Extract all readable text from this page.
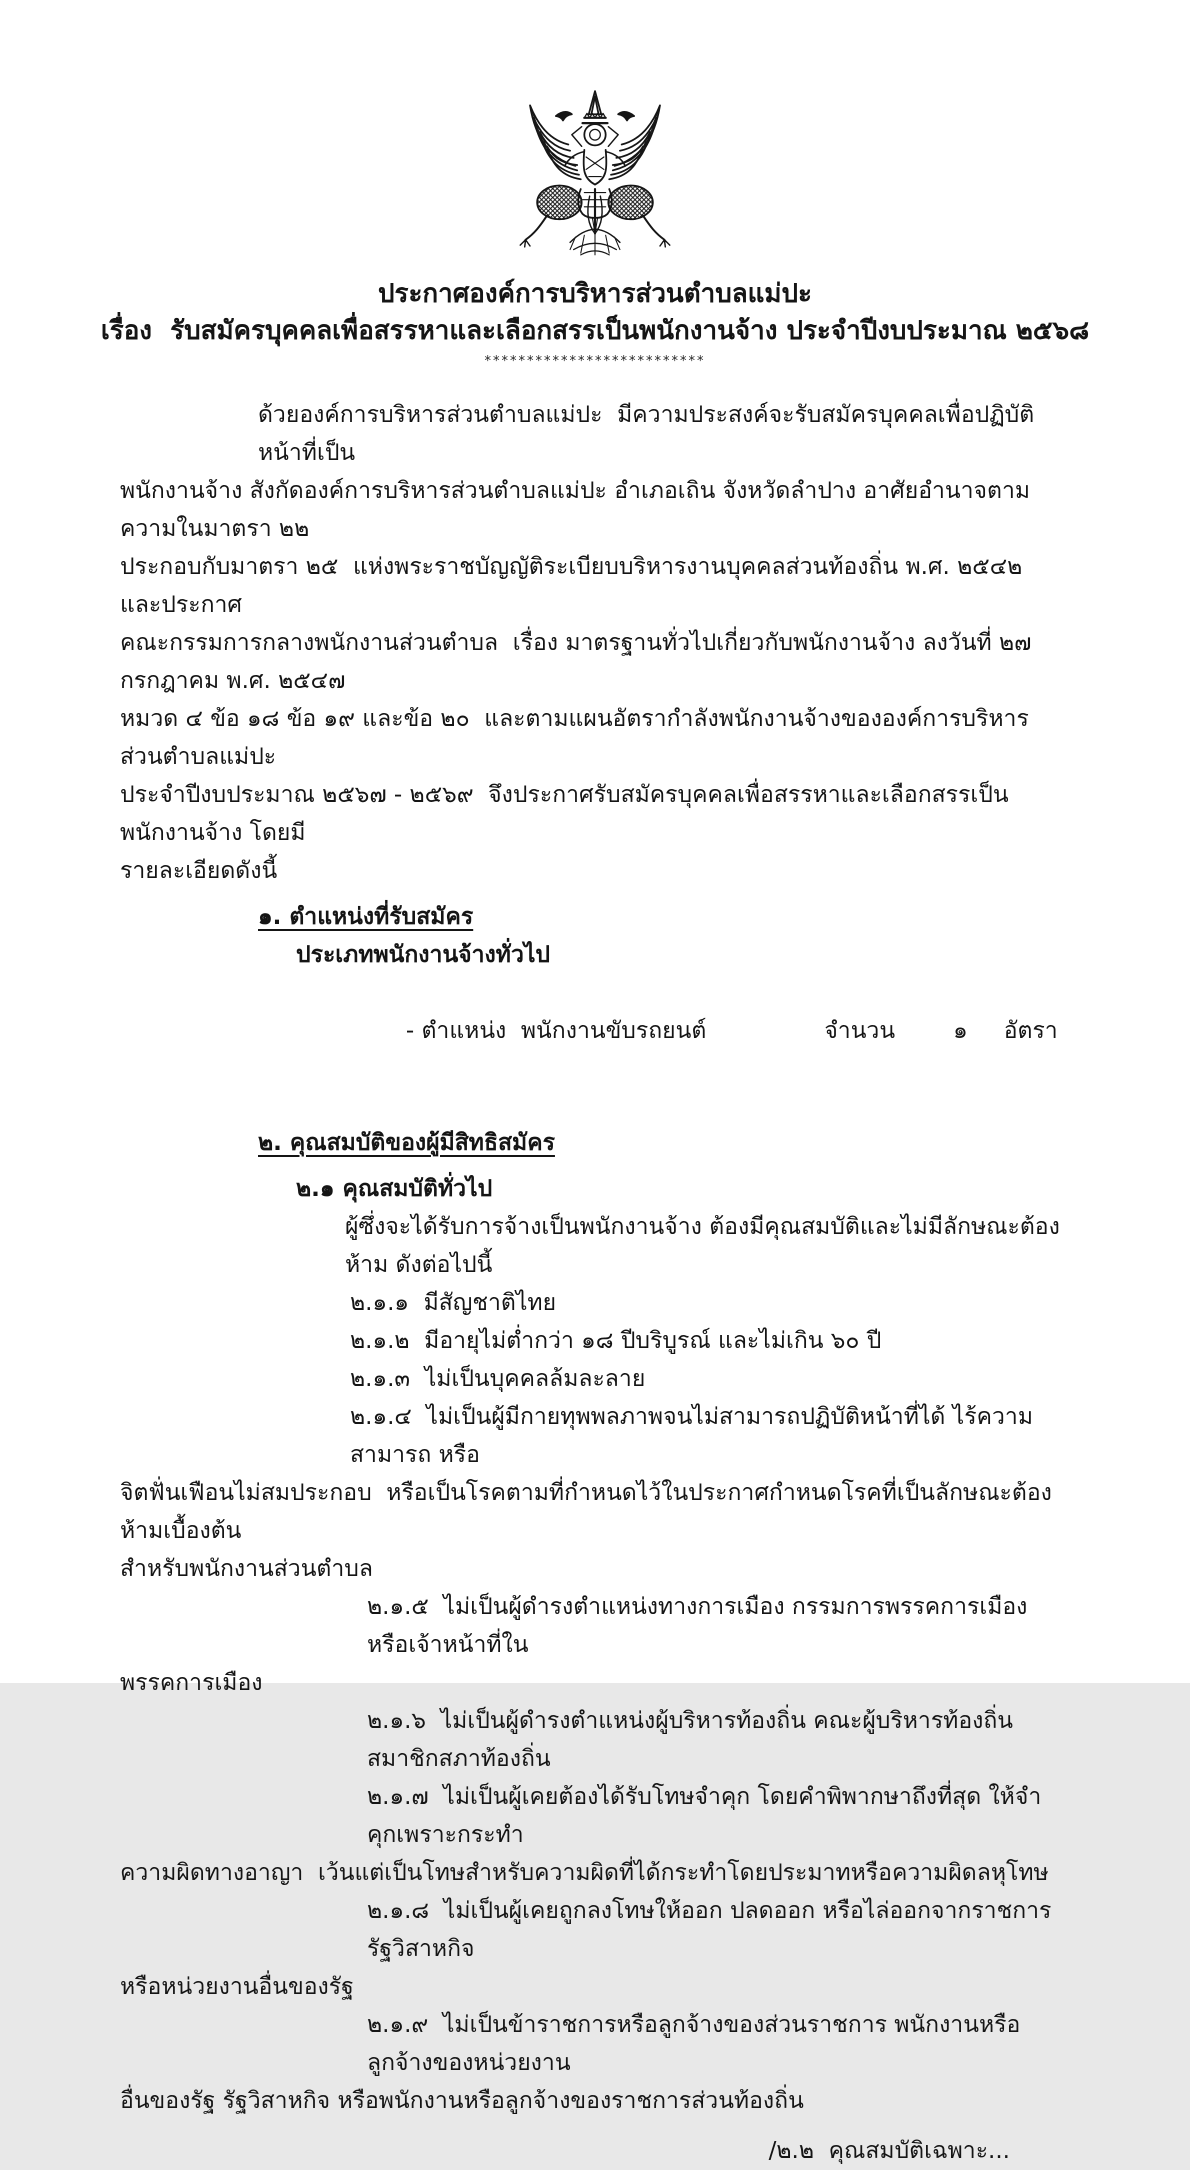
ประกาศองค์การบริหารส่วนตำบลแม่ปะ
เรื่อง  รับสมัครบุคคลเพื่อสรรหาและเลือกสรรเป็นพนักงานจ้าง ประจำปีงบประมาณ ๒๕๖๘
**************************
ด้วยองค์การบริหารส่วนตำบลแม่ปะ  มีความประสงค์จะรับสมัครบุคคลเพื่อปฏิบัติหน้าที่เป็น
พนักงานจ้าง สังกัดองค์การบริหารส่วนตำบลแม่ปะ อำเภอเถิน จังหวัดลำปาง อาศัยอำนาจตามความในมาตรา ๒๒
ประกอบกับมาตรา ๒๕  แห่งพระราชบัญญัติระเบียบบริหารงานบุคคลส่วนท้องถิ่น พ.ศ. ๒๕๔๒  และประกาศ
คณะกรรมการกลางพนักงานส่วนตำบล  เรื่อง มาตรฐานทั่วไปเกี่ยวกับพนักงานจ้าง ลงวันที่ ๒๗ กรกฎาคม พ.ศ. ๒๕๔๗
หมวด ๔ ข้อ ๑๘ ข้อ ๑๙ และข้อ ๒๐  และตามแผนอัตรากำลังพนักงานจ้างขององค์การบริหารส่วนตำบลแม่ปะ
ประจำปีงบประมาณ ๒๕๖๗ - ๒๕๖๙  จึงประกาศรับสมัครบุคคลเพื่อสรรหาและเลือกสรรเป็นพนักงานจ้าง โดยมี
รายละเอียดดังนี้
๑. ตำแหน่งที่รับสมัคร
ประเภทพนักงานจ้างทั่วไป

- ตำแหน่ง  พนักงานขับรถยนต์	จำนวน	๑ อัตรา

๒. คุณสมบัติของผู้มีสิทธิสมัคร
๒.๑ คุณสมบัติทั่วไป
ผู้ซึ่งจะได้รับการจ้างเป็นพนักงานจ้าง ต้องมีคุณสมบัติและไม่มีลักษณะต้องห้าม ดังต่อไปนี้
๒.๑.๑  มีสัญชาติไทย
๒.๑.๒  มีอายุไม่ต่ำกว่า ๑๘ ปีบริบูรณ์ และไม่เกิน ๖๐ ปี
๒.๑.๓  ไม่เป็นบุคคลล้มละลาย
๒.๑.๔  ไม่เป็นผู้มีกายทุพพลภาพจนไม่สามารถปฏิบัติหน้าที่ได้ ไร้ความสามารถ หรือ
จิตฟั่นเฟือนไม่สมประกอบ  หรือเป็นโรคตามที่กำหนดไว้ในประกาศกำหนดโรคที่เป็นลักษณะต้องห้ามเบื้องต้น
สำหรับพนักงานส่วนตำบล
๒.๑.๕  ไม่เป็นผู้ดำรงตำแหน่งทางการเมือง กรรมการพรรคการเมือง หรือเจ้าหน้าที่ใน
พรรคการเมือง
๒.๑.๖  ไม่เป็นผู้ดำรงตำแหน่งผู้บริหารท้องถิ่น คณะผู้บริหารท้องถิ่น สมาชิกสภาท้องถิ่น
๒.๑.๗  ไม่เป็นผู้เคยต้องได้รับโทษจำคุก โดยคำพิพากษาถึงที่สุด ให้จำคุกเพราะกระทำ
ความผิดทางอาญา  เว้นแต่เป็นโทษสำหรับความผิดที่ได้กระทำโดยประมาทหรือความผิดลหุโทษ
๒.๑.๘  ไม่เป็นผู้เคยถูกลงโทษให้ออก ปลดออก หรือไล่ออกจากราชการ รัฐวิสาหกิจ
หรือหน่วยงานอื่นของรัฐ
๒.๑.๙  ไม่เป็นข้าราชการหรือลูกจ้างของส่วนราชการ พนักงานหรือลูกจ้างของหน่วยงาน
อื่นของรัฐ รัฐวิสาหกิจ หรือพนักงานหรือลูกจ้างของราชการส่วนท้องถิ่น
/๒.๒  คุณสมบัติเฉพาะ...
